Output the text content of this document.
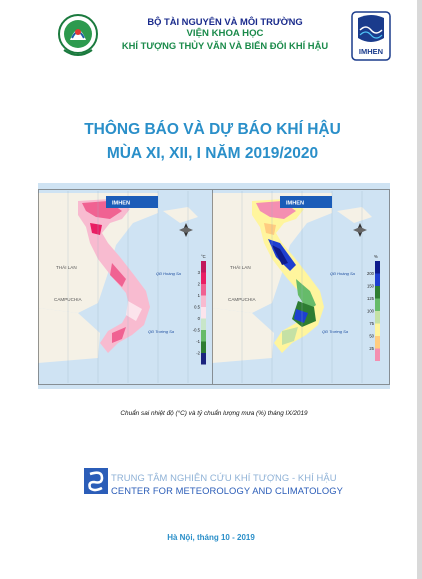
IMHEN
BỘ TÀI NGUYÊN VÀ MÔI TRƯỜNG
VIỆN KHOA HỌC
KHÍ TƯỢNG THỦY VĂN VÀ BIẾN ĐỔI KHÍ HẬU
THÔNG BÁO VÀ DỰ BÁO KHÍ HẬU
MÙA XI, XII, I NĂM 2019/2020
IMHEN
THÁI LAN
CAMPUCHIA
QĐ Hoàng Sa
QĐ Trường Sa
°C
3
2
1
0.5
0
-0.5
-1
-2
IMHEN
THÁI LAN
CAMPUCHIA
QĐ Hoàng Sa
QĐ Trường Sa
%
200
150
125
100
75
50
25
Chuẩn sai nhiệt độ (°C) và tỷ chuẩn lượng mưa (%) tháng IX/2019
TRUNG TÂM NGHIÊN CỨU KHÍ TƯỢNG - KHÍ HẬU
CENTER FOR METEOROLOGY AND CLIMATOLOGY
Hà Nội, tháng 10 - 2019
